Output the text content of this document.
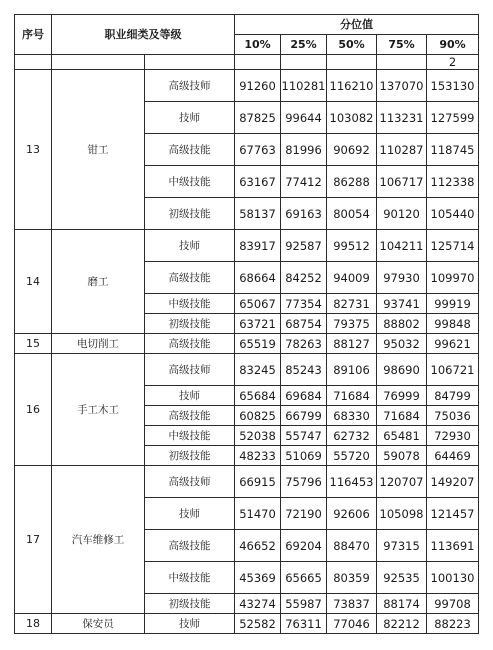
序号	职业细类及等级		分位值				
			10%	25%	50%	75%	90%
							2
13	钳工	高级技师	91260	110281	116210	137070	153130
		技师	87825	99644	103082	113231	127599
		高级技能	67763	81996	90692	110287	118745
		中级技能	63167	77412	86288	106717	112338
		初级技能	58137	69163	80054	90120	105440
14	磨工	技师	83917	92587	99512	104211	125714
		高级技能	68664	84252	94009	97930	109970
		中级技能	65067	77354	82731	93741	99919
		初级技能	63721	68754	79375	88802	99848
15	电切削工	高级技能	65519	78263	88127	95032	99621
16	手工木工	高级技师	83245	85243	89106	98690	106721
		技师	65684	69684	71684	76999	84799
		高级技能	60825	66799	68330	71684	75036
		中级技能	52038	55747	62732	65481	72930
		初级技能	48233	51069	55720	59078	64469
17	汽车维修工	高级技师	66915	75796	116453	120707	149207
		技师	51470	72190	92606	105098	121457
		高级技能	46652	69204	88470	97315	113691
		中级技能	45369	65665	80359	92535	100130
		初级技能	43274	55987	73837	88174	99708
18	保安员	技师	52582	76311	77046	82212	88223
